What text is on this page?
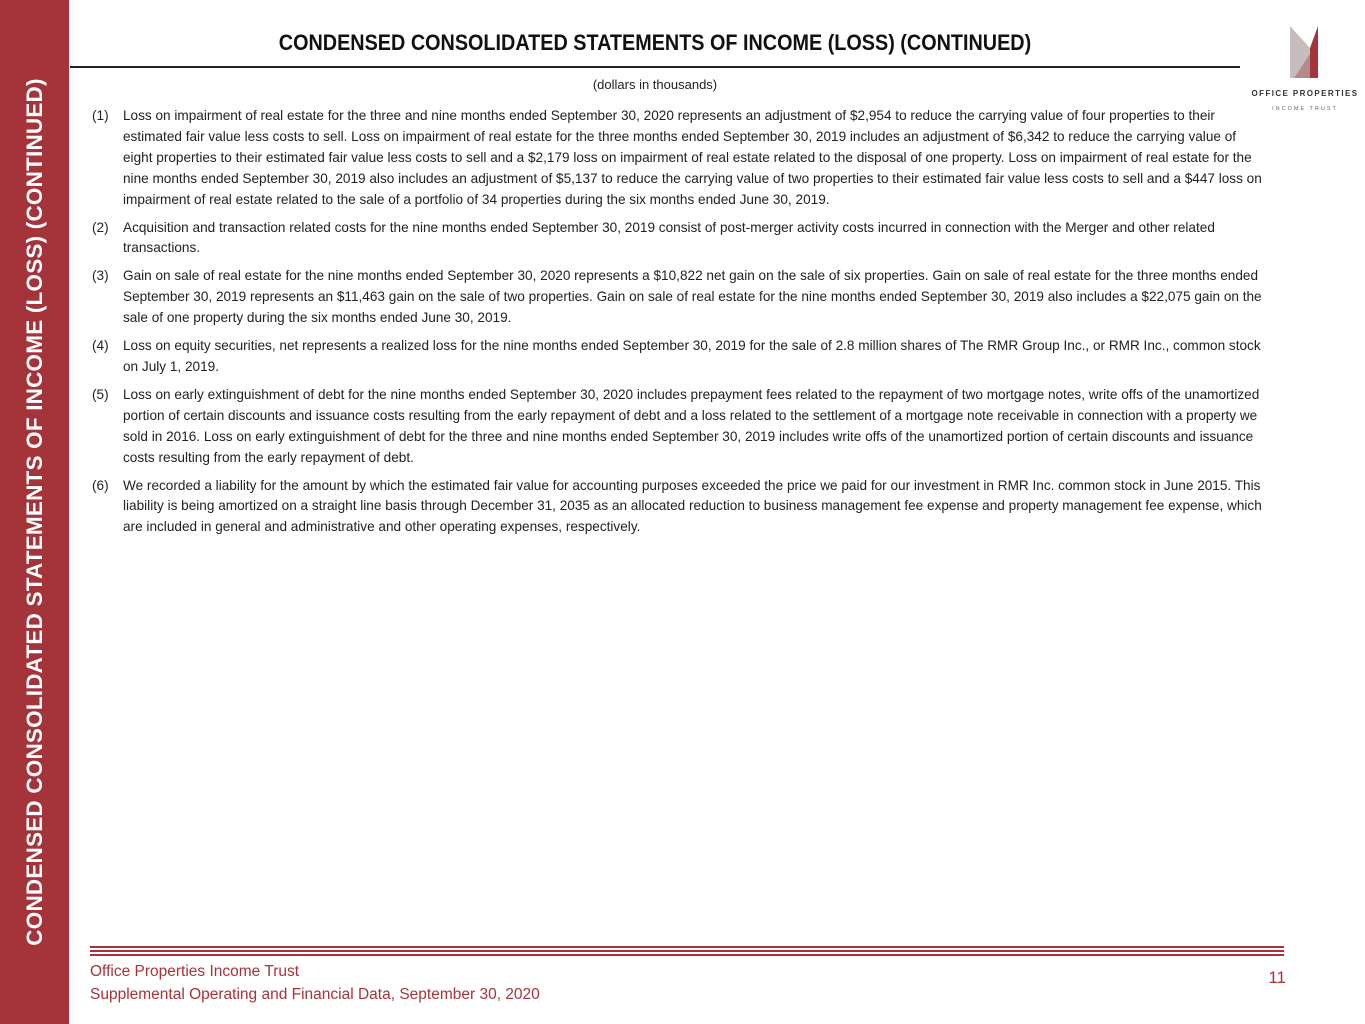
CONDENSED CONSOLIDATED STATEMENTS OF INCOME (LOSS) (CONTINUED)
CONDENSED CONSOLIDATED STATEMENTS OF INCOME (LOSS) (CONTINUED)
(dollars in thousands)
OFFICE PROPERTIES
INCOME TRUST
(1)	Loss on impairment of real estate for the three and nine months ended September 30, 2020 represents an adjustment of $2,954 to reduce the carrying value of four properties to their estimated fair value less costs to sell. Loss on impairment of real estate for the three months ended September 30, 2019 includes an adjustment of $6,342 to reduce the carrying value of eight properties to their estimated fair value less costs to sell and a $2,179 loss on impairment of real estate related to the disposal of one property. Loss on impairment of real estate for the nine months ended September 30, 2019 also includes an adjustment of $5,137 to reduce the carrying value of two properties to their estimated fair value less costs to sell and a $447 loss on impairment of real estate related to the sale of a portfolio of 34 properties during the six months ended June 30, 2019.
(2)	Acquisition and transaction related costs for the nine months ended September 30, 2019 consist of post-merger activity costs incurred in connection with the Merger and other related transactions.
(3)	Gain on sale of real estate for the nine months ended September 30, 2020 represents a $10,822 net gain on the sale of six properties. Gain on sale of real estate for the three months ended September 30, 2019 represents an $11,463 gain on the sale of two properties. Gain on sale of real estate for the nine months ended September 30, 2019 also includes a $22,075 gain on the sale of one property during the six months ended June 30, 2019.
(4)	Loss on equity securities, net represents a realized loss for the nine months ended September 30, 2019 for the sale of 2.8 million shares of The RMR Group Inc., or RMR Inc., common stock on July 1, 2019.
(5)	Loss on early extinguishment of debt for the nine months ended September 30, 2020 includes prepayment fees related to the repayment of two mortgage notes, write offs of the unamortized portion of certain discounts and issuance costs resulting from the early repayment of debt and a loss related to the settlement of a mortgage note receivable in connection with a property we sold in 2016. Loss on early extinguishment of debt for the three and nine months ended September 30, 2019 includes write offs of the unamortized portion of certain discounts and issuance costs resulting from the early repayment of debt.
(6)	We recorded a liability for the amount by which the estimated fair value for accounting purposes exceeded the price we paid for our investment in RMR Inc. common stock in June 2015. This liability is being amortized on a straight line basis through December 31, 2035 as an allocated reduction to business management fee expense and property management fee expense, which are included in general and administrative and other operating expenses, respectively.
Office Properties Income Trust
Supplemental Operating and Financial Data, September 30, 2020
11
